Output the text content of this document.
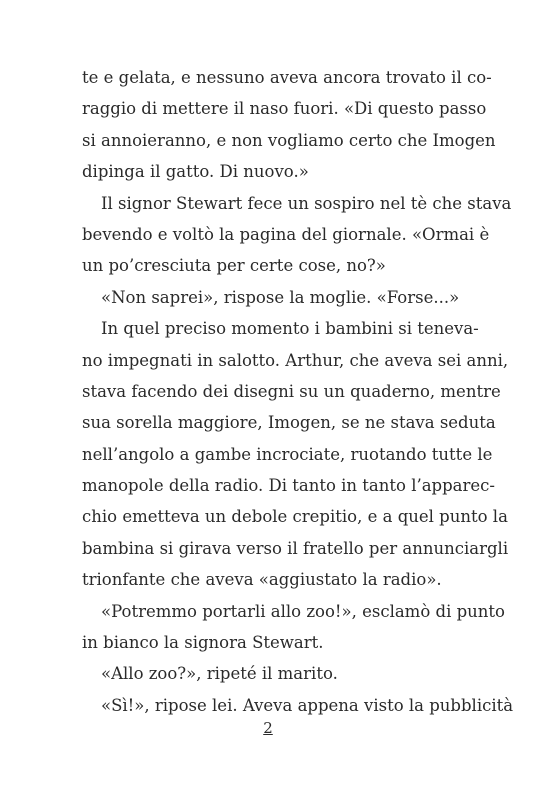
te e gelata, e nessuno aveva ancora trovato il co-
raggio di mettere il naso fuori. «Di questo passo
si annoieranno, e non vogliamo certo che Imogen
dipinga il gatto. Di nuovo.»
Il signor Stewart fece un sospiro nel tè che stava
bevendo e voltò la pagina del giornale. «Ormai è
un po’cresciuta per certe cose, no?»
«Non saprei», rispose la moglie. «Forse...»
In quel preciso momento i bambini si teneva-
no impegnati in salotto. Arthur, che aveva sei anni,
stava facendo dei disegni su un quaderno, mentre
sua sorella maggiore, Imogen, se ne stava seduta
nell’angolo a gambe incrociate, ruotando tutte le
manopole della radio. Di tanto in tanto l’apparec-
chio emetteva un debole crepitio, e a quel punto la
bambina si girava verso il fratello per annunciargli
trionfante che aveva «aggiustato la radio».
«Potremmo portarli allo zoo!», esclamò di punto
in bianco la signora Stewart.
«Allo zoo?», ripeté il marito.
«Sì!», ripose lei. Aveva appena visto la pubblicità
2
